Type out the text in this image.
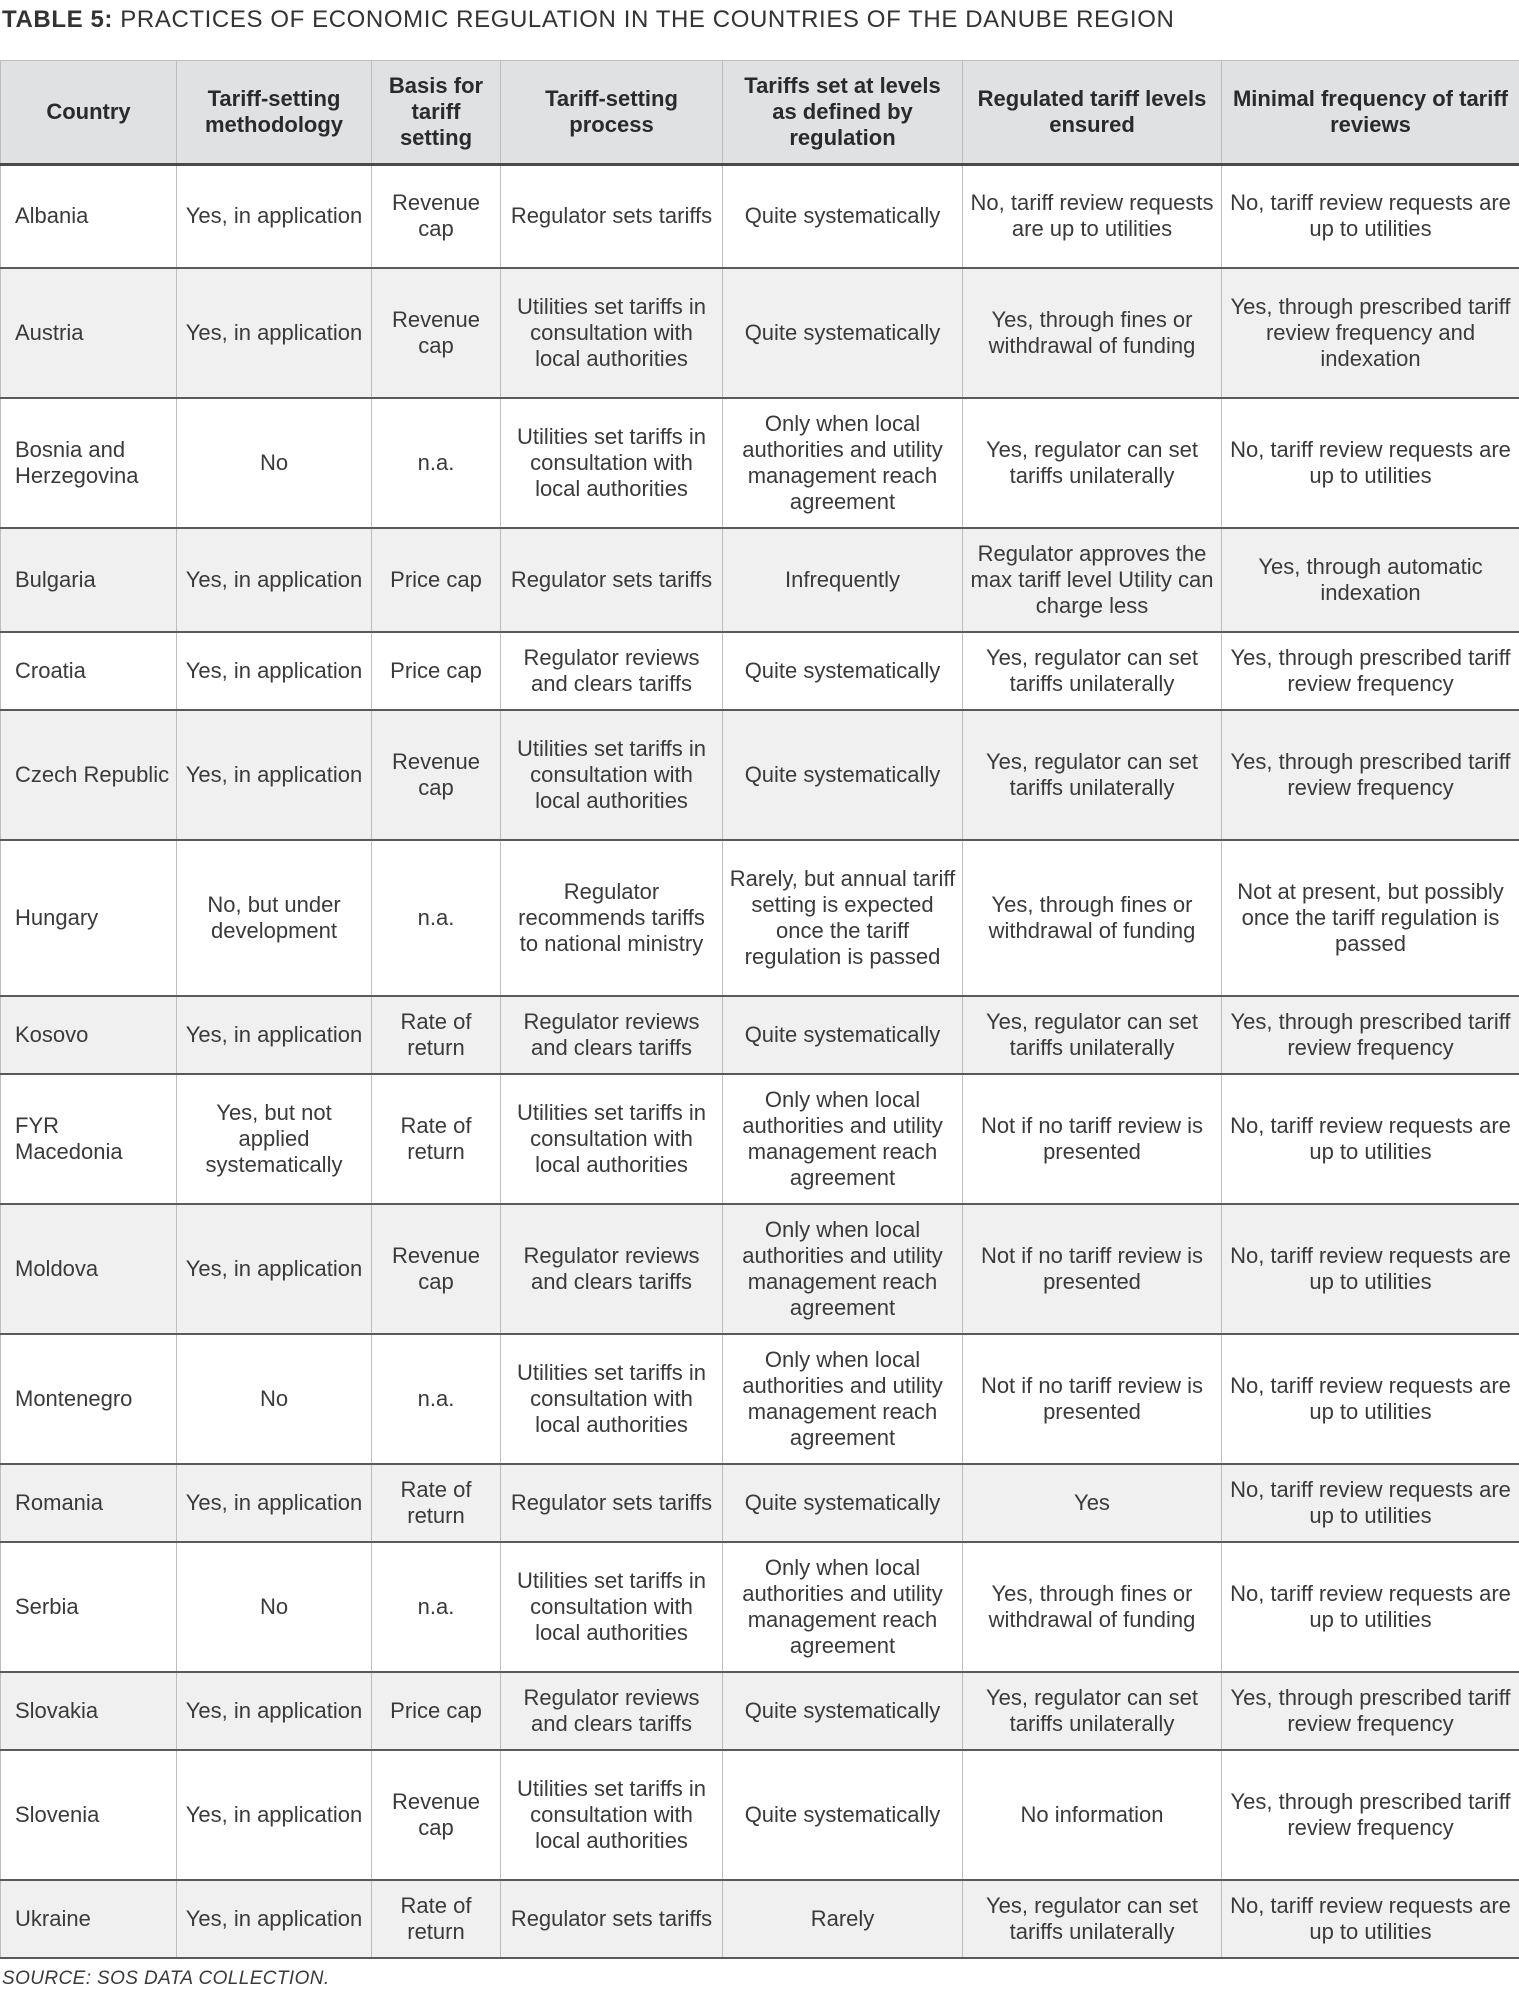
TABLE 5: PRACTICES OF ECONOMIC REGULATION IN THE COUNTRIES OF THE DANUBE REGION
Country	Tariff-setting methodology	Basis for tariff setting	Tariff-setting process	Tariffs set at levels as defined by regulation	Regulated tariff levels ensured	Minimal frequency of tariff reviews
Albania	Yes, in application	Revenue cap	Regulator sets tariffs	Quite systematically	No, tariff review requests are up to utilities	No, tariff review requests are up to utilities
Austria	Yes, in application	Revenue cap	Utilities set tariffs in consultation with local authorities	Quite systematically	Yes, through fines or withdrawal of funding	Yes, through prescribed tariff review frequency and indexation
Bosnia and Herzegovina	No	n.a.	Utilities set tariffs in consultation with local authorities	Only when local authorities and utility management reach agreement	Yes, regulator can set tariffs unilaterally	No, tariff review requests are up to utilities
Bulgaria	Yes, in application	Price cap	Regulator sets tariffs	Infrequently	Regulator approves the max tariff level Utility can charge less	Yes, through automatic indexation
Croatia	Yes, in application	Price cap	Regulator reviews and clears tariffs	Quite systematically	Yes, regulator can set tariffs unilaterally	Yes, through prescribed tariff review frequency
Czech Republic	Yes, in application	Revenue cap	Utilities set tariffs in consultation with local authorities	Quite systematically	Yes, regulator can set tariffs unilaterally	Yes, through prescribed tariff review frequency
Hungary	No, but under development	n.a.	Regulator recommends tariffs to national ministry	Rarely, but annual tariff setting is expected once the tariff regulation is passed	Yes, through fines or withdrawal of funding	Not at present, but possibly once the tariff regulation is passed
Kosovo	Yes, in application	Rate of return	Regulator reviews and clears tariffs	Quite systematically	Yes, regulator can set tariffs unilaterally	Yes, through prescribed tariff review frequency
FYR Macedonia	Yes, but not applied systematically	Rate of return	Utilities set tariffs in consultation with local authorities	Only when local authorities and utility management reach agreement	Not if no tariff review is presented	No, tariff review requests are up to utilities
Moldova	Yes, in application	Revenue cap	Regulator reviews and clears tariffs	Only when local authorities and utility management reach agreement	Not if no tariff review is presented	No, tariff review requests are up to utilities
Montenegro	No	n.a.	Utilities set tariffs in consultation with local authorities	Only when local authorities and utility management reach agreement	Not if no tariff review is presented	No, tariff review requests are up to utilities
Romania	Yes, in application	Rate of return	Regulator sets tariffs	Quite systematically	Yes	No, tariff review requests are up to utilities
Serbia	No	n.a.	Utilities set tariffs in consultation with local authorities	Only when local authorities and utility management reach agreement	Yes, through fines or withdrawal of funding	No, tariff review requests are up to utilities
Slovakia	Yes, in application	Price cap	Regulator reviews and clears tariffs	Quite systematically	Yes, regulator can set tariffs unilaterally	Yes, through prescribed tariff review frequency
Slovenia	Yes, in application	Revenue cap	Utilities set tariffs in consultation with local authorities	Quite systematically	No information	Yes, through prescribed tariff review frequency
Ukraine	Yes, in application	Rate of return	Regulator sets tariffs	Rarely	Yes, regulator can set tariffs unilaterally	No, tariff review requests are up to utilities
SOURCE: SOS DATA COLLECTION.
